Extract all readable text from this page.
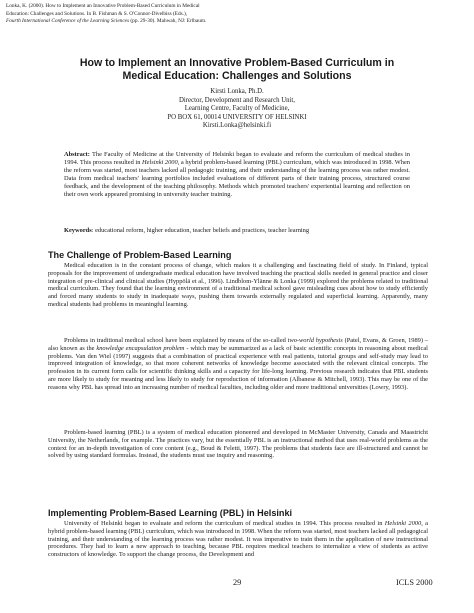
Lonka, K. (2000). How to Implement an Innovative Problem-Based Curriculum in Medical
Education: Challenges and Solutions. In B. Fishman & S. O'Connor-Divelbiss (Eds.),
Fourth International Conference of the Learning Sciences (pp. 29-30). Mahwah, NJ: Erlbaum.
How to Implement an Innovative Problem-Based Curriculum in
Medical Education: Challenges and Solutions
Kirsti Lonka, Ph.D.
Director, Development and Research Unit,
Learning Centre, Faculty of Medicine,
PO BOX 61, 00014 UNIVERSITY OF HELSINKI
Kirsti.Lonka@helsinki.fi
Abstract: The Faculty of Medicine at the University of Helsinki began to evaluate and reform the curriculum of medical studies in 1994. This process resulted in Helsinki 2000, a hybrid problem-based learning (PBL) curriculum, which was introduced in 1998. When the reform was started, most teachers lacked all pedagogic training, and their understanding of the learning process was rather modest. Data from medical teachers' learning portfolios included evaluations of different parts of their training process, structured course feedback, and the development of the teaching philosophy. Methods which promoted teachers' experiential learning and reflection on their own work appeared promising in university teacher training.
Keywords: educational reform, higher education, teacher beliefs and practices, teacher learning
The Challenge of Problem-Based Learning
Medical education is in the constant process of change, which makes it a challenging and fascinating field of study. In Finland, typical proposals for the improvement of undergraduate medical education have involved teaching the practical skills needed in general practice and closer integration of pre-clinical and clinical studies (Hyppölä et al., 1996). Lindblom-Ylänne & Lonka (1999) explored the problems related to traditional medical curriculum. They found that the learning environment of a traditional medical school gave misleading cues about how to study efficiently and forced many students to study in inadequate ways, pushing them towards externally regulated and superficial learning. Apparently, many medical students had problems in meaningful learning.
Problems in traditional medical school have been explained by means of the so-called two-world hypothesis (Patel, Evans, & Groen, 1989) – also known as the knowledge encapsulation problem - which may be summarized as a lack of basic scientific concepts in reasoning about medical problems. Van den Wiel (1997) suggests that a combination of practical experience with real patients, tutorial groups and self-study may lead to improved integration of knowledge, so that more coherent networks of knowledge become associated with the relevant clinical concepts. The profession in its current form calls for scientific thinking skills and a capacity for life-long learning. Previous research indicates that PBL students are more likely to study for meaning and less likely to study for reproduction of information (Albanese & Mitchell, 1993). This may be one of the reasons why PBL has spread into an increasing number of medical faculties, including older and more traditional universities (Lowry, 1993).
Problem-based learning (PBL) is a system of medical education pioneered and developed in McMaster University, Canada and Maastricht University, the Netherlands, for example. The practices vary, but the essentially PBL is an instructional method that uses real-world problems as the context for an in-depth investigation of core content (e.g., Boud & Feletti, 1997). The problems that students face are ill-structured and cannot be solved by using standard formulas. Instead, the students must use inquiry and reasoning.
Implementing Problem-Based Learning (PBL) in Helsinki
University of Helsinki began to evaluate and reform the curriculum of medical studies in 1994. This process resulted in Helsinki 2000, a hybrid problem-based learning (PBL) curriculum, which was introduced in 1998. When the reform was started, most teachers lacked all pedagogical training, and their understanding of the learning process was rather modest. It was imperative to train them in the application of new instructional procedures. They had to learn a new approach to teaching, because PBL requires medical teachers to internalize a view of students as active constructors of knowledge. To support the change process, the Development and
29	ICLS 2000
